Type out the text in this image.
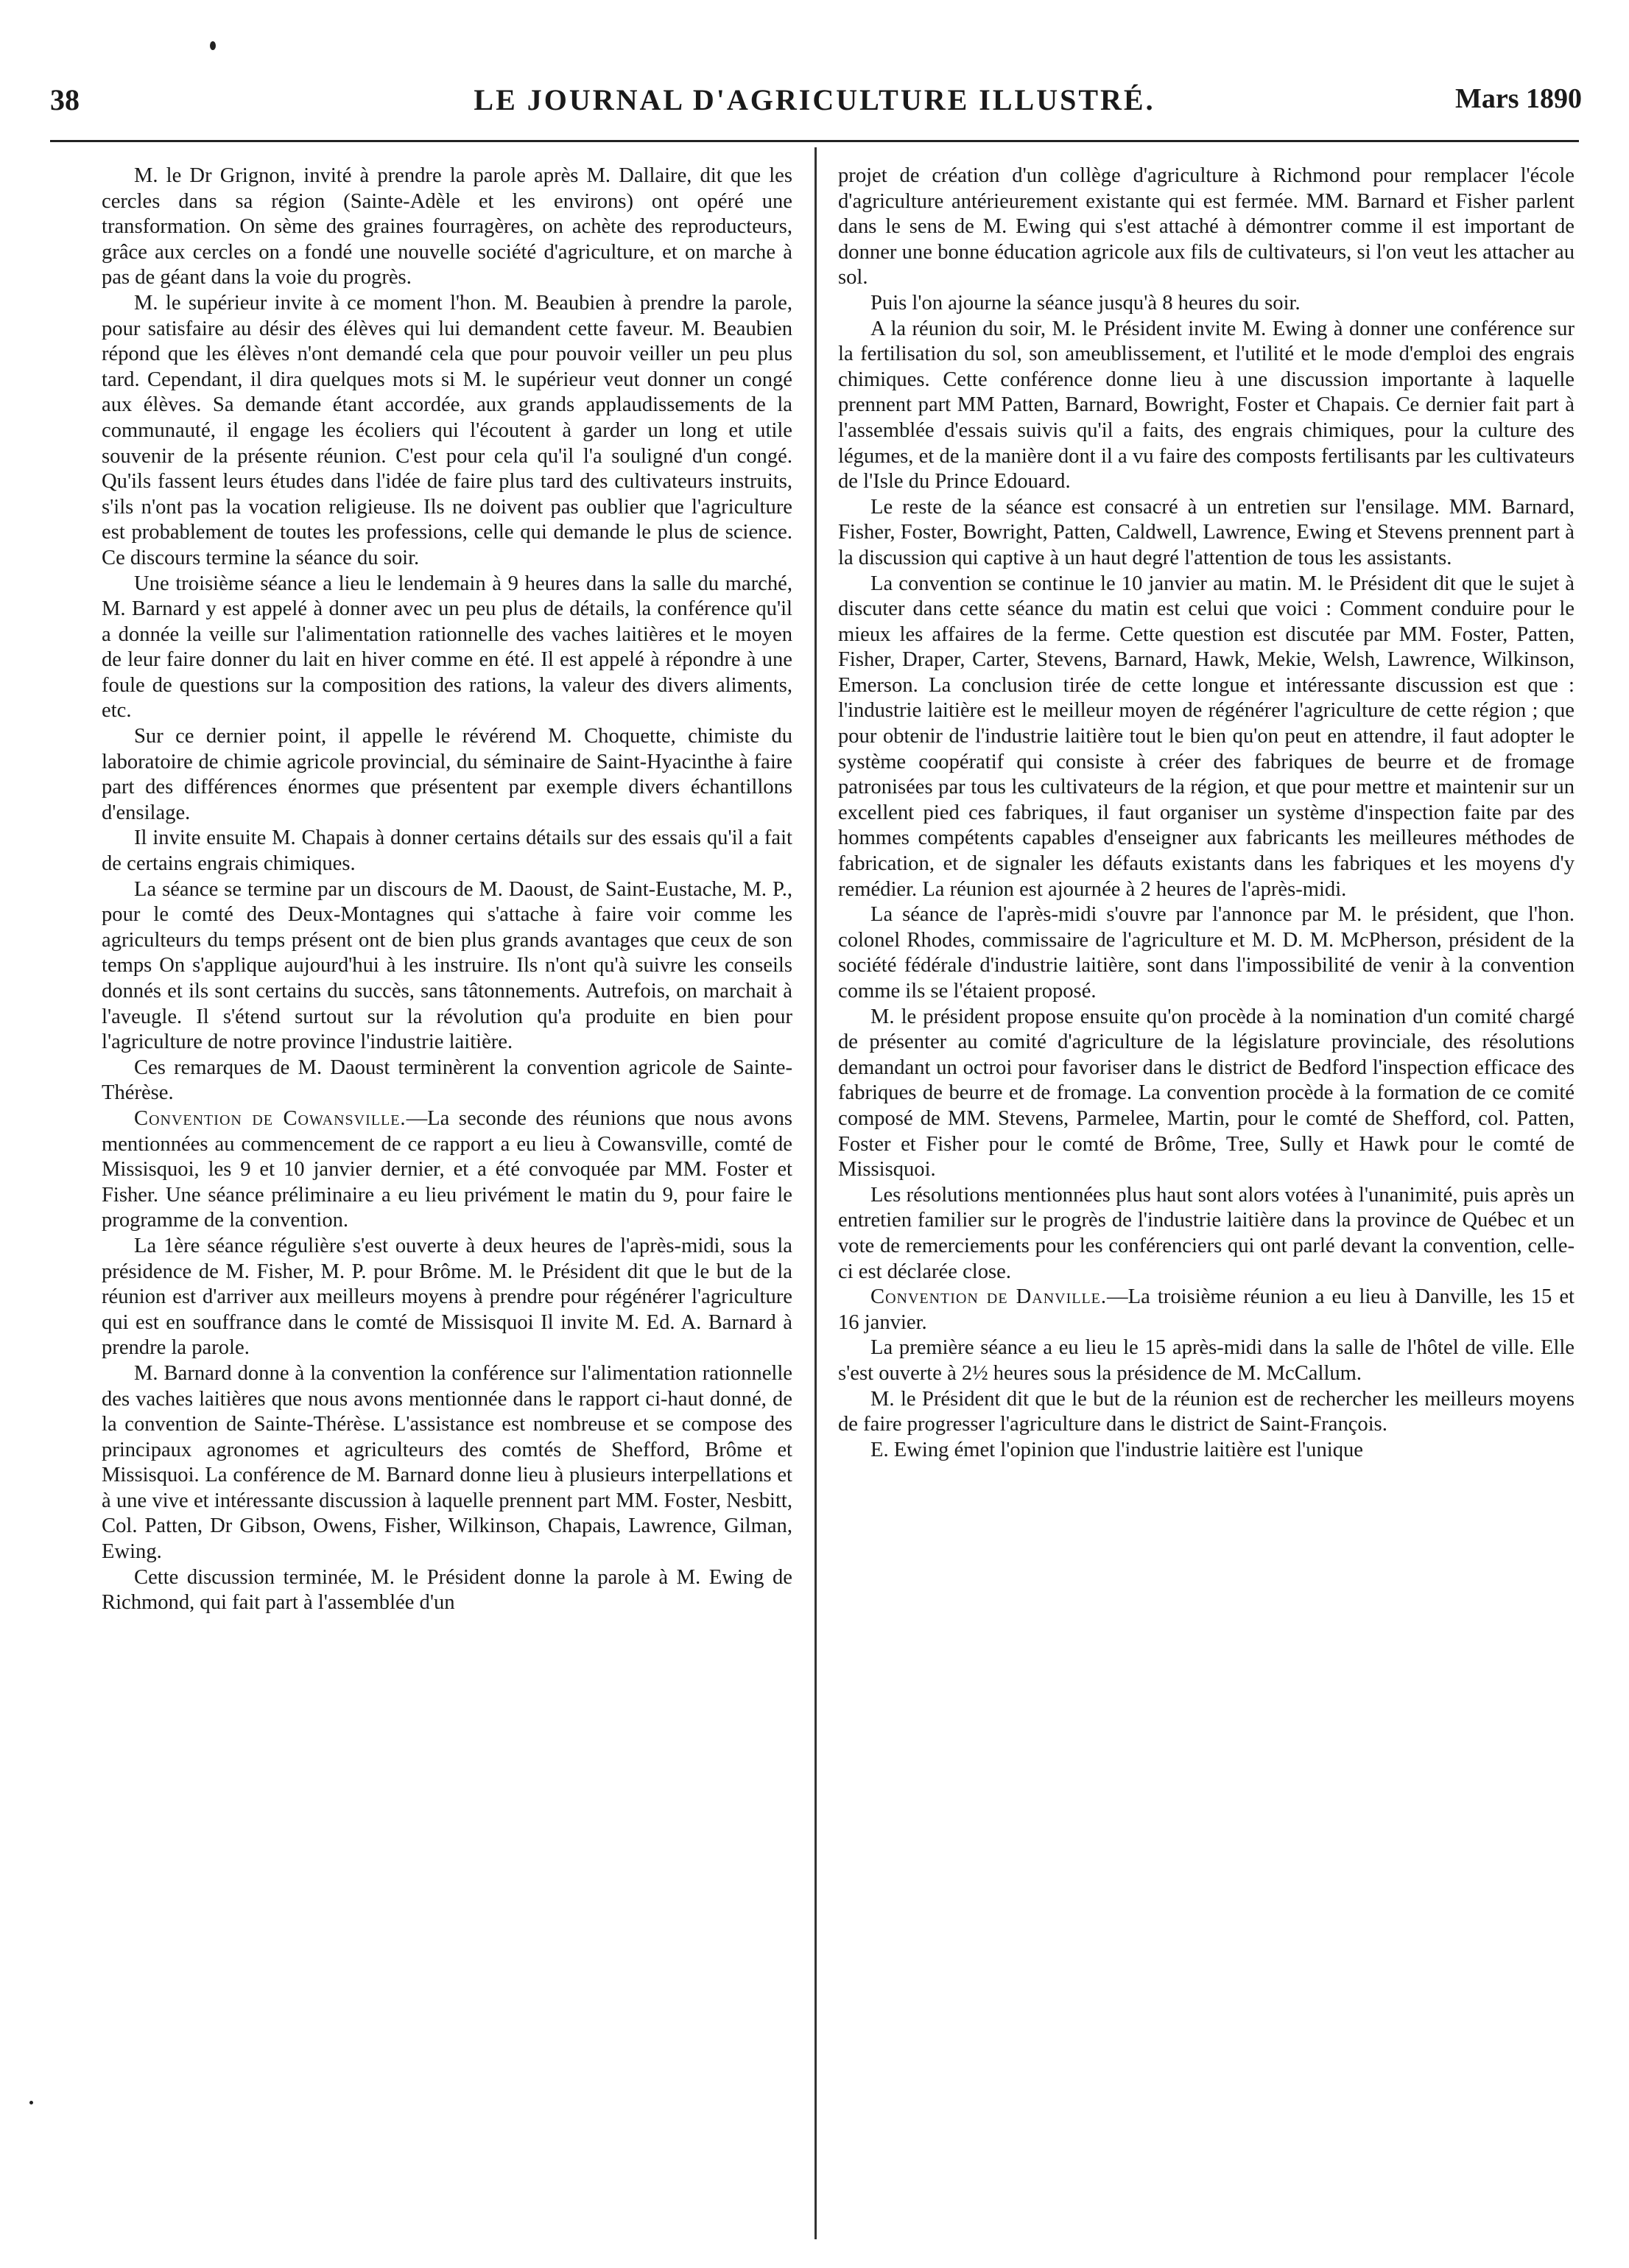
38	LE JOURNAL D'AGRICULTURE ILLUSTRÉ.	Mars 1890

M. le Dr Grignon, invité à prendre la parole après M. Dallaire, dit que les cercles dans sa région (Sainte-Adèle et les environs) ont opéré une transformation. On sème des graines fourragères, on achète des reproducteurs, grâce aux cercles on a fondé une nouvelle société d'agriculture, et on marche à pas de géant dans la voie du progrès.

M. le supérieur invite à ce moment l'hon. M. Beaubien à prendre la parole, pour satisfaire au désir des élèves qui lui demandent cette faveur. M. Beaubien répond que les élèves n'ont demandé cela que pour pouvoir veiller un peu plus tard. Cependant, il dira quelques mots si M. le supérieur veut donner un congé aux élèves. Sa demande étant accordée, aux grands applaudissements de la communauté, il engage les écoliers qui l'écoutent à garder un long et utile souvenir de la présente réunion. C'est pour cela qu'il l'a souligné d'un congé. Qu'ils fassent leurs études dans l'idée de faire plus tard des cultivateurs instruits, s'ils n'ont pas la vocation religieuse. Ils ne doivent pas oublier que l'agriculture est probablement de toutes les professions, celle qui demande le plus de science. Ce discours termine la séance du soir.

Une troisième séance a lieu le lendemain à 9 heures dans la salle du marché, M. Barnard y est appelé à donner avec un peu plus de détails, la conférence qu'il a donnée la veille sur l'alimentation rationnelle des vaches laitières et le moyen de leur faire donner du lait en hiver comme en été. Il est appelé à répondre à une foule de questions sur la composition des rations, la valeur des divers aliments, etc.

Sur ce dernier point, il appelle le révérend M. Choquette, chimiste du laboratoire de chimie agricole provincial, du séminaire de Saint-Hyacinthe à faire part des différences énormes que présentent par exemple divers échantillons d'ensilage.

Il invite ensuite M. Chapais à donner certains détails sur des essais qu'il a fait de certains engrais chimiques.

La séance se termine par un discours de M. Daoust, de Saint-Eustache, M. P., pour le comté des Deux-Montagnes qui s'attache à faire voir comme les agriculteurs du temps présent ont de bien plus grands avantages que ceux de son temps On s'applique aujourd'hui à les instruire. Ils n'ont qu'à suivre les conseils donnés et ils sont certains du succès, sans tâtonnements. Autrefois, on marchait à l'aveugle. Il s'étend surtout sur la révolution qu'a produite en bien pour l'agriculture de notre province l'industrie laitière.

Ces remarques de M. Daoust terminèrent la convention agricole de Sainte-Thérèse.

Convention de Cowansville.—La seconde des réunions que nous avons mentionnées au commencement de ce rapport a eu lieu à Cowansville, comté de Missisquoi, les 9 et 10 janvier dernier, et a été convoquée par MM. Foster et Fisher. Une séance préliminaire a eu lieu privément le matin du 9, pour faire le programme de la convention.

La 1ère séance régulière s'est ouverte à deux heures de l'après-midi, sous la présidence de M. Fisher, M. P. pour Brôme. M. le Président dit que le but de la réunion est d'arriver aux meilleurs moyens à prendre pour régénérer l'agriculture qui est en souffrance dans le comté de Missisquoi Il invite M. Ed. A. Barnard à prendre la parole.

M. Barnard donne à la convention la conférence sur l'alimentation rationnelle des vaches laitières que nous avons mentionnée dans le rapport ci-haut donné, de la convention de Sainte-Thérèse. L'assistance est nombreuse et se compose des principaux agronomes et agriculteurs des comtés de Shefford, Brôme et Missisquoi. La conférence de M. Barnard donne lieu à plusieurs interpellations et à une vive et intéressante discussion à laquelle prennent part MM. Foster, Nesbitt, Col. Patten, Dr Gibson, Owens, Fisher, Wilkinson, Chapais, Lawrence, Gilman, Ewing.

Cette discussion terminée, M. le Président donne la parole à M. Ewing de Richmond, qui fait part à l'assemblée d'un

projet de création d'un collège d'agriculture à Richmond pour remplacer l'école d'agriculture antérieurement existante qui est fermée. MM. Barnard et Fisher parlent dans le sens de M. Ewing qui s'est attaché à démontrer comme il est important de donner une bonne éducation agricole aux fils de cultivateurs, si l'on veut les attacher au sol.

Puis l'on ajourne la séance jusqu'à 8 heures du soir.

A la réunion du soir, M. le Président invite M. Ewing à donner une conférence sur la fertilisation du sol, son ameublissement, et l'utilité et le mode d'emploi des engrais chimiques. Cette conférence donne lieu à une discussion importante à laquelle prennent part MM Patten, Barnard, Bowright, Foster et Chapais. Ce dernier fait part à l'assemblée d'essais suivis qu'il a faits, des engrais chimiques, pour la culture des légumes, et de la manière dont il a vu faire des composts fertilisants par les cultivateurs de l'Isle du Prince Edouard.

Le reste de la séance est consacré à un entretien sur l'ensilage. MM. Barnard, Fisher, Foster, Bowright, Patten, Caldwell, Lawrence, Ewing et Stevens prennent part à la discussion qui captive à un haut degré l'attention de tous les assistants.

La convention se continue le 10 janvier au matin. M. le Président dit que le sujet à discuter dans cette séance du matin est celui que voici : Comment conduire pour le mieux les affaires de la ferme. Cette question est discutée par MM. Foster, Patten, Fisher, Draper, Carter, Stevens, Barnard, Hawk, Mekie, Welsh, Lawrence, Wilkinson, Emerson. La conclusion tirée de cette longue et intéressante discussion est que : l'industrie laitière est le meilleur moyen de régénérer l'agriculture de cette région ; que pour obtenir de l'industrie laitière tout le bien qu'on peut en attendre, il faut adopter le système coopératif qui consiste à créer des fabriques de beurre et de fromage patronisées par tous les cultivateurs de la région, et que pour mettre et maintenir sur un excellent pied ces fabriques, il faut organiser un système d'inspection faite par des hommes compétents capables d'enseigner aux fabricants les meilleures méthodes de fabrication, et de signaler les défauts existants dans les fabriques et les moyens d'y remédier. La réunion est ajournée à 2 heures de l'après-midi.

La séance de l'après-midi s'ouvre par l'annonce par M. le président, que l'hon. colonel Rhodes, commissaire de l'agriculture et M. D. M. McPherson, président de la société fédérale d'industrie laitière, sont dans l'impossibilité de venir à la convention comme ils se l'étaient proposé.

M. le président propose ensuite qu'on procède à la nomination d'un comité chargé de présenter au comité d'agriculture de la législature provinciale, des résolutions demandant un octroi pour favoriser dans le district de Bedford l'inspection efficace des fabriques de beurre et de fromage. La convention procède à la formation de ce comité composé de MM. Stevens, Parmelee, Martin, pour le comté de Shefford, col. Patten, Foster et Fisher pour le comté de Brôme, Tree, Sully et Hawk pour le comté de Missisquoi.

Les résolutions mentionnées plus haut sont alors votées à l'unanimité, puis après un entretien familier sur le progrès de l'industrie laitière dans la province de Québec et un vote de remerciements pour les conférenciers qui ont parlé devant la convention, celle-ci est déclarée close.

Convention de Danville.—La troisième réunion a eu lieu à Danville, les 15 et 16 janvier.

La première séance a eu lieu le 15 après-midi dans la salle de l'hôtel de ville. Elle s'est ouverte à 2½ heures sous la présidence de M. McCallum.

M. le Président dit que le but de la réunion est de rechercher les meilleurs moyens de faire progresser l'agriculture dans le district de Saint-François.

E. Ewing émet l'opinion que l'industrie laitière est l'unique
